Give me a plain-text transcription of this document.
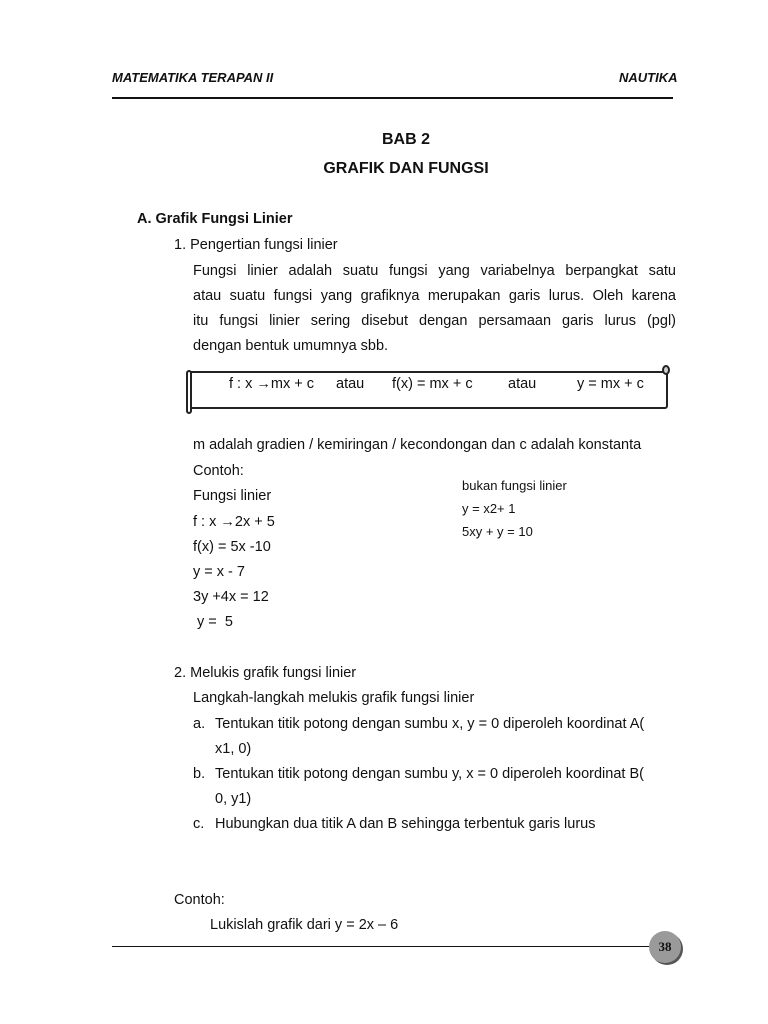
MATEMATIKA TERAPAN II	NAUTIKA
BAB 2
GRAFIK DAN FUNGSI
A. Grafik Fungsi Linier
1. Pengertian fungsi linier
Fungsi linier adalah suatu fungsi yang variabelnya berpangkat satu
atau suatu fungsi yang grafiknya merupakan garis lurus. Oleh karena
itu fungsi linier sering disebut dengan persamaan garis lurus (pgl)
dengan bentuk umumnya sbb.
f : x →mx + c atau f(x) = mx + c atau	y = mx + c
m adalah gradien / kemiringan / kecondongan dan c adalah konstanta
Contoh:
Fungsi linier
f : x →2x + 5
f(x) = 5x -10
y = x - 7
3y +4x = 12
y =  5
bukan fungsi linier
y = x2+ 1
5xy + y = 10
2. Melukis grafik fungsi linier
Langkah-langkah melukis grafik fungsi linier
a. Tentukan titik potong dengan sumbu x, y = 0 diperoleh koordinat A(
x1, 0)
b. Tentukan titik potong dengan sumbu y, x = 0 diperoleh koordinat B(
0, y1)
c. Hubungkan dua titik A dan B sehingga terbentuk garis lurus
Contoh:
Lukislah grafik dari y = 2x – 6
38
